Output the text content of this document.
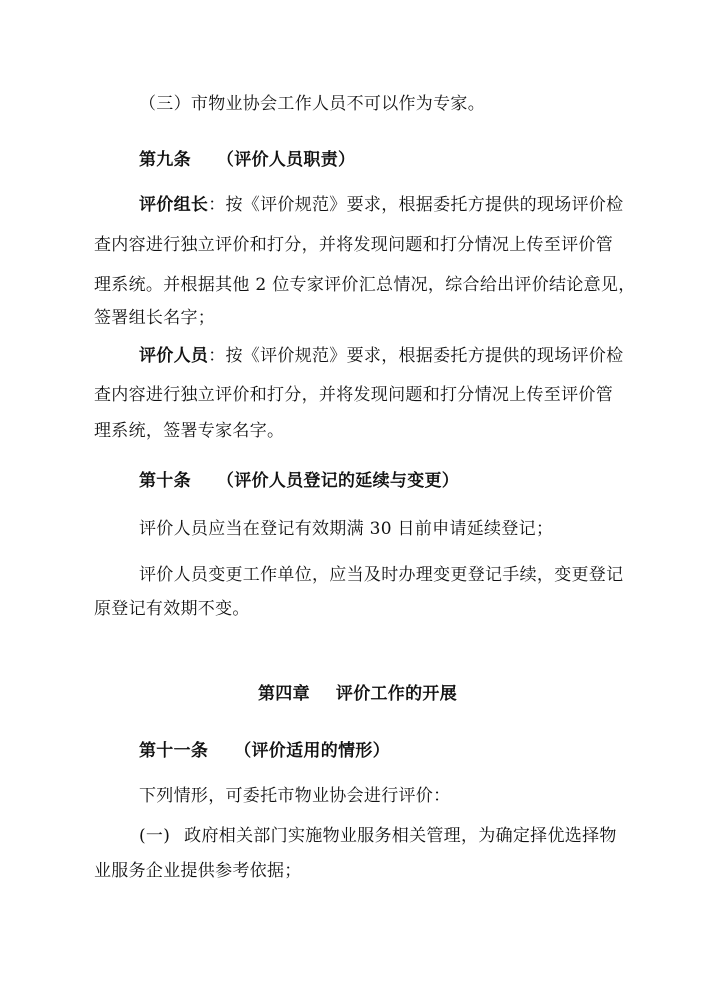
（三）市物业协会工作人员不可以作为专家。
第九条 （评价人员职责）
评价组长：按《评价规范》要求，根据委托方提供的现场评价检
查内容进行独立评价和打分，并将发现问题和打分情况上传至评价管
理系统。并根据其他 2 位专家评价汇总情况，综合给出评价结论意见，
签署组长名字；
评价人员：按《评价规范》要求，根据委托方提供的现场评价检
查内容进行独立评价和打分，并将发现问题和打分情况上传至评价管
理系统，签署专家名字。
第十条 （评价人员登记的延续与变更）
评价人员应当在登记有效期满 30 日前申请延续登记；
评价人员变更工作单位，应当及时办理变更登记手续，变更登记
原登记有效期不变。
第四章 评价工作的开展
第十一条 （评价适用的情形）
下列情形，可委托市物业协会进行评价：
(一) 政府相关部门实施物业服务相关管理，为确定择优选择物
业服务企业提供参考依据；
